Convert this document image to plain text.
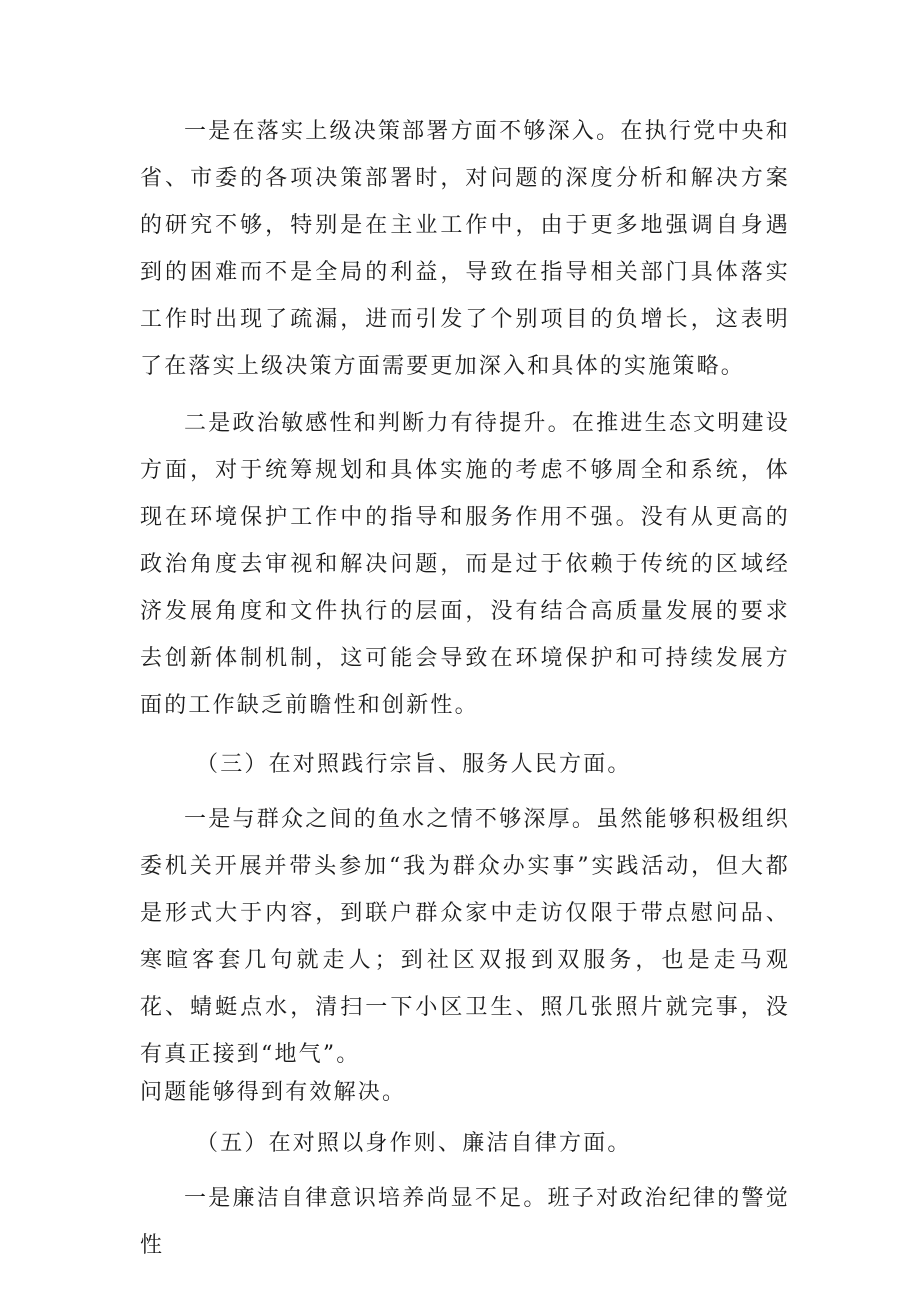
一是在落实上级决策部署方面不够深入。在执行党中央和省、市委的各项决策部署时，对问题的深度分析和解决方案的研究不够，特别是在主业工作中，由于更多地强调自身遇到的困难而不是全局的利益，导致在指导相关部门具体落实工作时出现了疏漏，进而引发了个别项目的负增长，这表明了在落实上级决策方面需要更加深入和具体的实施策略。

二是政治敏感性和判断力有待提升。在推进生态文明建设方面，对于统筹规划和具体实施的考虑不够周全和系统，体现在环境保护工作中的指导和服务作用不强。没有从更高的政治角度去审视和解决问题，而是过于依赖于传统的区域经济发展角度和文件执行的层面，没有结合高质量发展的要求去创新体制机制，这可能会导致在环境保护和可持续发展方面的工作缺乏前瞻性和创新性。

（三）在对照践行宗旨、服务人民方面。

一是与群众之间的鱼水之情不够深厚。虽然能够积极组织委机关开展并带头参加“我为群众办实事”实践活动，但大都是形式大于内容，到联户群众家中走访仅限于带点慰问品、寒暄客套几句就走人；到社区双报到双服务，也是走马观花、蜻蜓点水，清扫一下小区卫生、照几张照片就完事，没有真正接到“地气”。
问题能够得到有效解决。

（五）在对照以身作则、廉洁自律方面。

一是廉洁自律意识培养尚显不足。班子对政治纪律的警觉性
